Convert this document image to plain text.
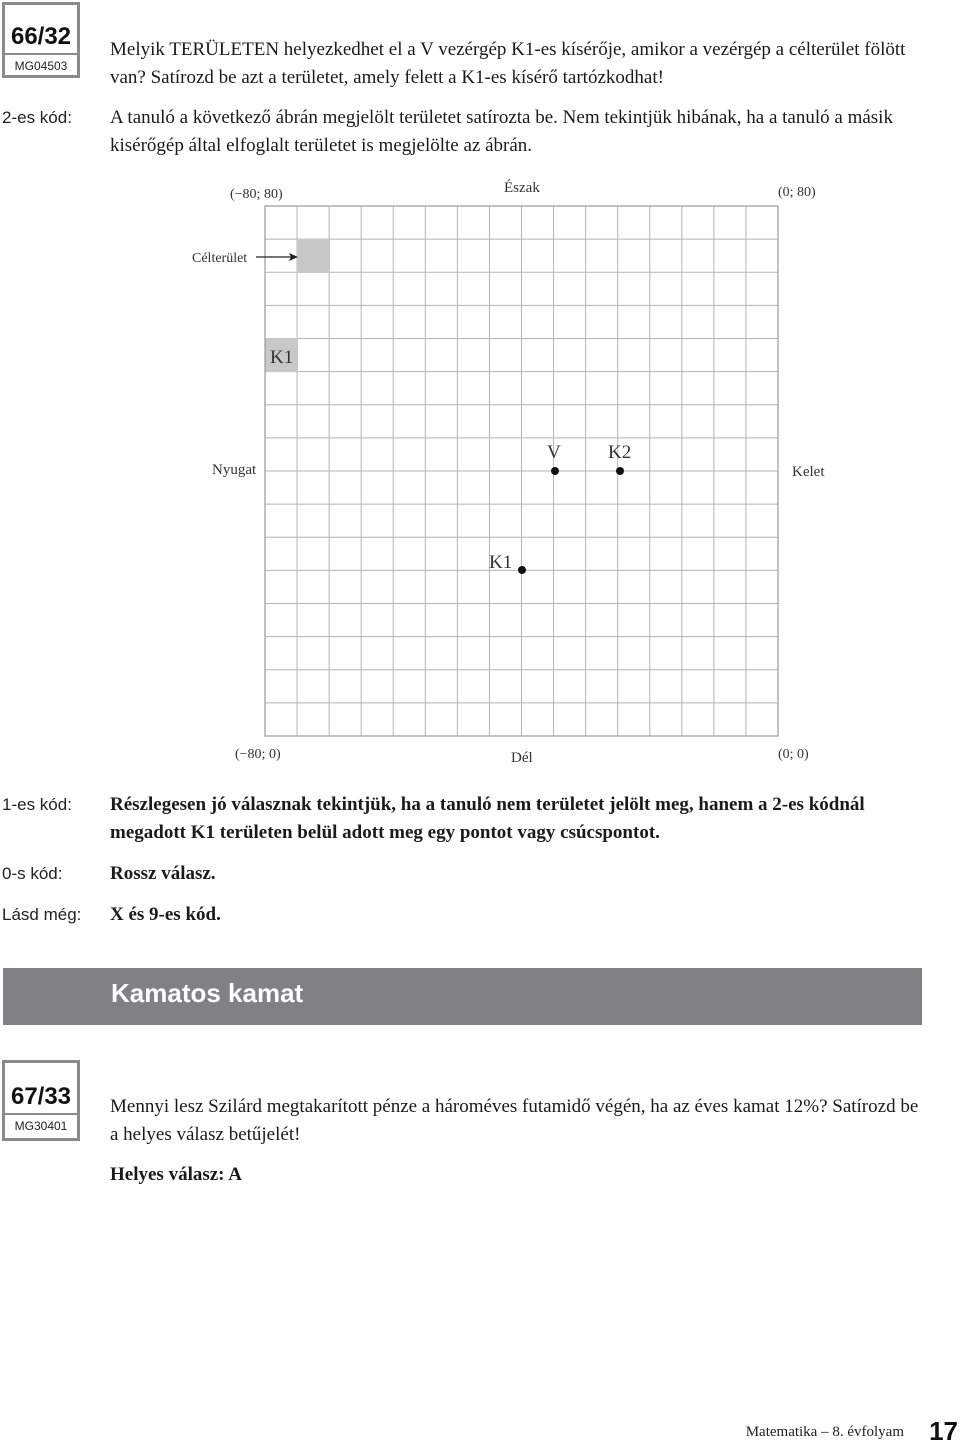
66/32
MG04503
Melyik TERÜLETEN helyezkedhet el a V vezérgép K1-es kísérője, amikor a vezérgép a célterület fölött van? Satírozd be azt a területet, amely felett a K1-es kísérő tartózkodhat!
2-es kód: A tanuló a következő ábrán megjelölt területet satírozta be. Nem tekintjük hibának, ha a tanuló a másik kisérőgép által elfoglalt területet is megjelölte az ábrán.
(−80; 80)	(0; 80)
Észak
Célterület
K1
Nyugat	Kelet
V K2
K1
(−80; 0)	(0; 0)
Dél
1-es kód: Részlegesen jó válasznak tekintjük, ha a tanuló nem területet jelölt meg, hanem a 2-es kódnál megadott K1 területen belül adott meg egy pontot vagy csúcspontot.
0-s kód:	Rossz válasz.
Lásd még: X és 9-es kód.
Kamatos kamat
67/33
MG30401
Mennyi lesz Szilárd megtakarított pénze a hároméves futamidő végén, ha az éves kamat 12%? Satírozd be a helyes válasz betűjelét!
Helyes válasz: A
Matematika – 8. évfolyam 17
